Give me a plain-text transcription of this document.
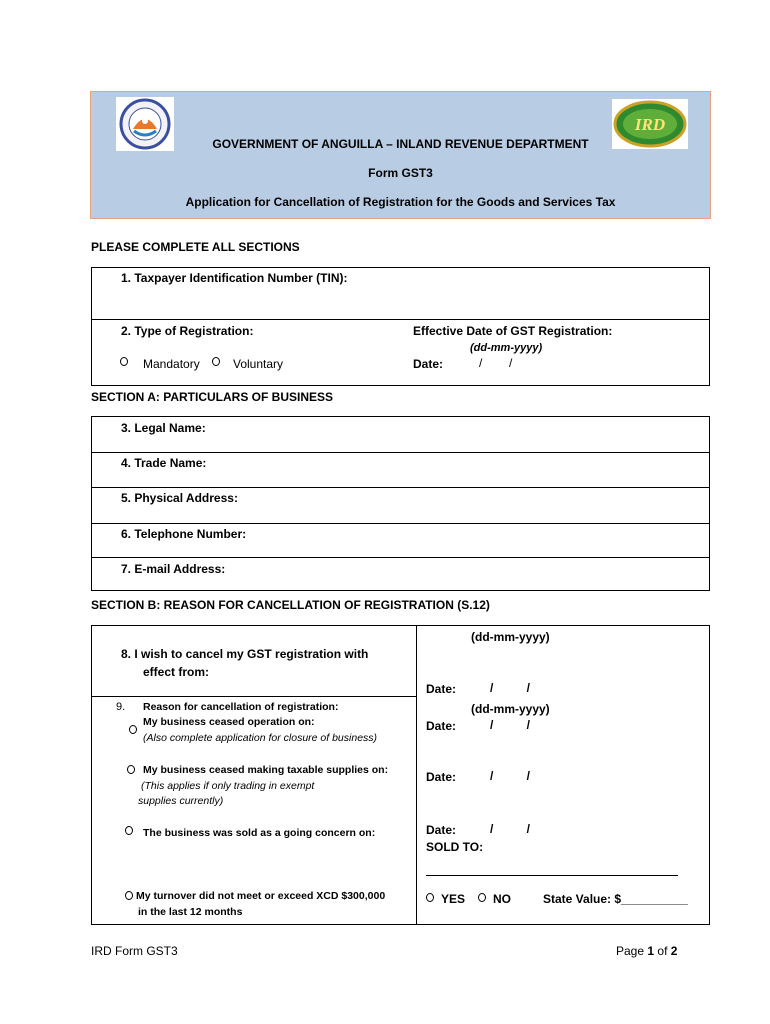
IRD
GOVERNMENT OF ANGUILLA – INLAND REVENUE DEPARTMENT
Form GST3
Application for Cancellation of Registration for the Goods and Services Tax
PLEASE COMPLETE ALL SECTIONS
1. Taxpayer Identification Number (TIN):
2. Type of Registration:
Mandatory	Voluntary
Effective Date of GST Registration:
(dd-mm-yyyy)
Date:	/        /
SECTION A: PARTICULARS OF BUSINESS
3. Legal Name:
4. Trade Name:
5. Physical Address:
6. Telephone Number:
7. E-mail Address:
SECTION B: REASON FOR CANCELLATION OF REGISTRATION (S.12)
(dd-mm-yyyy)
8. I wish to cancel my GST registration with
effect from:
Date:	/          /
9. Reason for cancellation of registration:
My business ceased operation on:
(Also complete application for closure of business)
(dd-mm-yyyy)
Date:	/          /
My business ceased making taxable supplies on:
(This applies if only trading in exempt
supplies currently)
Date:	/          /
The business was sold as a going concern on:	Date:	/          /
SOLD TO:
My turnover did not meet or exceed XCD $300,000
in the last 12 months
YES NO	State Value: $__________
IRD Form GST3	Page 1 of 2
